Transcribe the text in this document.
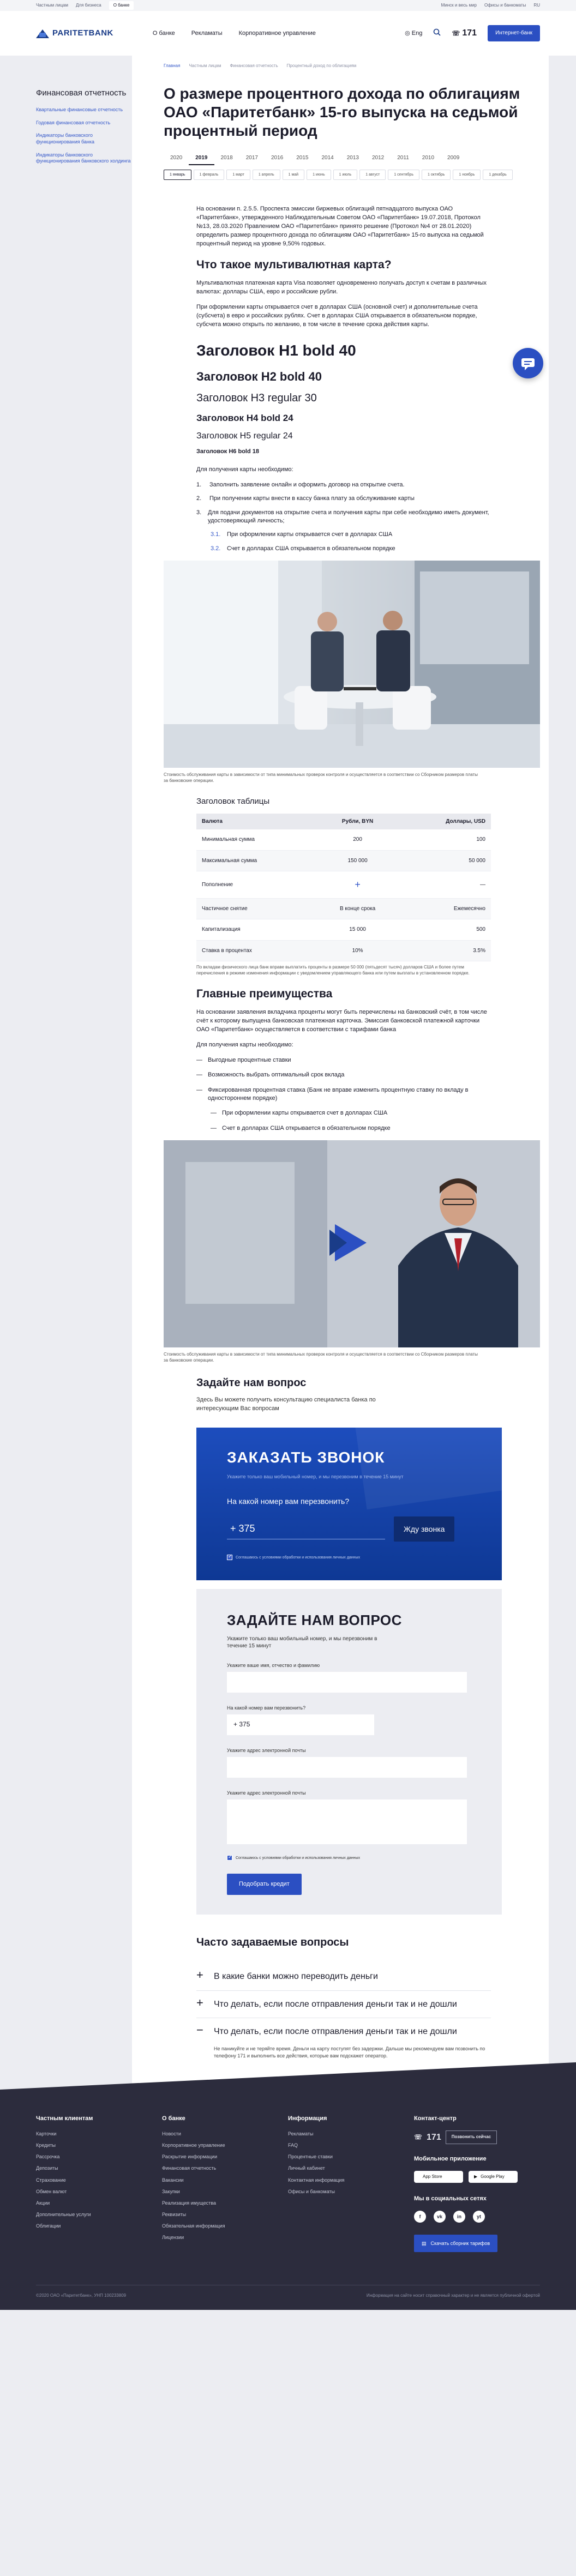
Частным лицам Для бизнеса	О банке	Минск и весь мир Офисы и банкоматы RU
PARITETBANK	О банке	Рекламаты	Корпоративное управление	◎ Eng	☏ 171	Интернет-банк
Финансовая отчетность
Квартальные финансовые отчетность
Годовая финансовая отчетность
Индикаторы банковского функционирования банка
Индикаторы банковского функционирования банковского холдинга
Главная Частным лицам Финансовая отчетность Процентный доход по облигациям
О размере процентного дохода по облигациям ОАО «Паритетбанк» 15-го выпуска на седьмой процентный период
2020	2019	2018	2017	2016	2015	2014	2013	2012	2011	2010	2009
1 январь	1 февраль	1 март	1 апрель	1 май	1 июнь	1 июль	1 август	1 сентябрь	1 октябрь	1 ноябрь	1 декабрь

На основании п. 2.5.5. Проспекта эмиссии биржевых облигаций пятнадцатого выпуска ОАО «Паритетбанк», утвержденного Наблюдательным Советом ОАО «Паритетбанк» 19.07.2018, Протокол №13, 28.03.2020 Правлением ОАО «Паритетбанк» принято решение (Протокол №4 от 28.01.2020) определить размер процентного дохода по облигациям ОАО «Паритетбанк» 15-го выпуска на седьмой процентный период на уровне 9,50% годовых.

Что такое мультивалютная карта?

Мультивалютная платежная карта Visa позволяет одновременно получать доступ к счетам в различных валютах: доллары США, евро и российские рубли.

При оформлении карты открывается счет в долларах США (основной счет) и дополнительные счета (субсчета) в евро и российских рублях. Счет в долларах США открывается в обязательном порядке, субсчета можно открыть по желанию, в том числе в течение срока действия карты.

Заголовок H1 bold 40
Заголовок H2 bold 40
Заголовок H3 regular 30
Заголовок H4 bold 24
Заголовок H5 regular 24
Заголовок H6 bold 18

Для получения карты необходимо:

1.	Заполнить заявление онлайн и оформить договор на открытие счета.
2.	При получении карты внести в кассу банка плату за обслуживание карты
3. Для подачи документов на открытие счета и получения карты при себе необходимо иметь документ, удостоверяющий личность;
3.1. При оформлении карты открывается счет в долларах США
3.2. Счет в долларах США открывается в обязательном порядке
Стоимость обслуживания карты в зависимости от типа минимальных проверок контроля и осуществляется в соответствии со Сборником размеров платы за банковские операции.
Заголовок таблицы
Валюта	Рубли, BYN	Доллары, USD
Минимальная сумма	200	100
Максимальная сумма	150 000	50 000
Пополнение	+	—
Частичное снятие	В конце срока	Ежемесячно
Капитализация	15 000	500
Ставка в процентах	10%	3.5%
По вкладам физического лица банк вправе выплатить проценты в размере 50 000 (пятьдесят тысяч) долларов США и более путем перечисления в режиме изменения информации с уведомлением управляющего банка или путем выплаты в установленном порядке.
Главные преимущества

На основании заявления вкладчика проценты могут быть перечислены на банковский счёт, в том числе счёт к которому выпущена банковская платежная карточка. Эмиссия банковской платежной карточки ОАО «Паритетбанк» осуществляется в соответствии с тарифами банка

Для получения карты необходимо:

— Выгодные процентные ставки
— Возможность выбрать оптимальный срок вклада
— Фиксированная процентная ставка (Банк не вправе изменить процентную ставку по вкладу в одностороннем порядке)
— При оформлении карты открывается счет в долларах США
— Счет в долларах США открывается в обязательном порядке
Стоимость обслуживания карты в зависимости от типа минимальных проверок контроля и осуществляется в соответствии со Сборником размеров платы за банковские операции.
Задайте нам вопрос

Здесь Вы можете получить консультацию специалиста банка по интересующим Вас вопросам

ЗАКАЗАТЬ ЗВОНОК
Укажите только ваш мобильный номер, и мы перезвоним в течение 15 минут
На какой номер вам перезвонить?
+ 375	Жду звонка
✓
Соглашаюсь с условиями обработки и использования личных данных
ЗАДАЙТЕ НАМ ВОПРОС
Укажите только ваш мобильный номер, и мы перезвоним в течение 15 минут
Укажите ваше имя, отчество и фамилию
На какой номер вам перезвонить?
+ 375
Укажите адрес электронной почты
Укажите адрес электронной почты
✓
Соглашаюсь с условиями обработки и использования личных данных
Подобрать кредит
Часто задаваемые вопросы
+ В какие банки можно переводить деньги
+ Что делать, если после отправления деньги так и не дошли
− Что делать, если после отправления деньги так и не дошли
Не паникуйте и не теряйте время. Деньги на карту поступят без задержки. Дальше мы рекомендуем вам позвонить по телефону 171 и выполнить все действия, которые вам подскажет оператор.
Частным клиентам
Карточки
Кредиты
Рассрочка
Депозиты
Страхование
Обмен валют
Акции
Дополнительные услуги
Облигации
О банке
Новости
Корпоративное управление
Раскрытие информации
Финансовая отчетность
Вакансии
Закупки
Реализация имущества
Реквизиты
Обязательная информация
Лицензии
Информация
Рекламаты
FAQ
Процентные ставки
Личный кабинет
Контактная информация
Офисы и банкоматы
Контакт-центр
☏ 171	Позвонить сейчас
Мобильное приложение
App Store	▶ Google Play
Мы в социальных сетях
f	vk	in	yt
▤ Скачать сборник тарифов
©2020 ОАО «Паритетбанк», УНП 100233809	Информация на сайте носит справочный характер и не является публичной офертой
